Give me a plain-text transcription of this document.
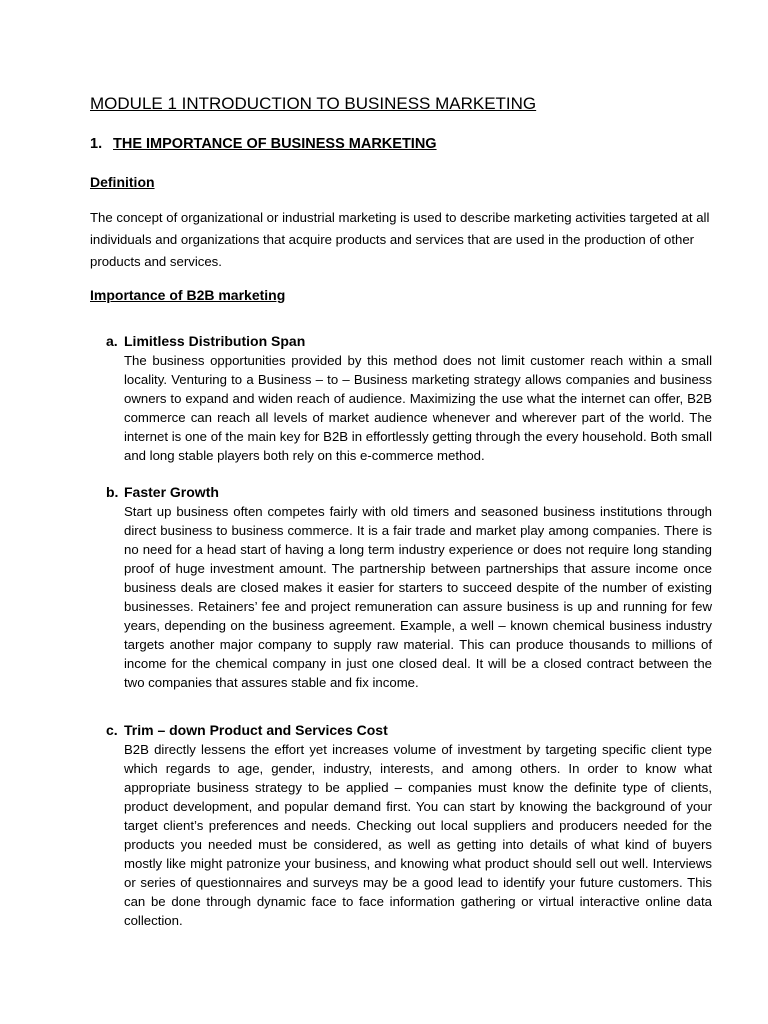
MODULE 1 INTRODUCTION TO BUSINESS MARKETING
1. THE IMPORTANCE OF BUSINESS MARKETING
Definition

The concept of organizational or industrial marketing is used to describe marketing activities targeted at all individuals and organizations that acquire products and services that are used in the production of other products and services.

Importance of B2B marketing
a. Limitless Distribution Span
The business opportunities provided by this method does not limit customer reach within a small locality. Venturing to a Business – to – Business marketing strategy allows companies and business owners to expand and widen reach of audience. Maximizing the use what the internet can offer, B2B commerce can reach all levels of market audience whenever and wherever part of the world. The internet is one of the main key for B2B in effortlessly getting through the every household. Both small and long stable players both rely on this e-commerce method.
b. Faster Growth
Start up business often competes fairly with old timers and seasoned business institutions through direct business to business commerce. It is a fair trade and market play among companies. There is no need for a head start of having a long term industry experience or does not require long standing proof of huge investment amount. The partnership between partnerships that assure income once business deals are closed makes it easier for starters to succeed despite of the number of existing businesses. Retainers’ fee and project remuneration can assure business is up and running for few years, depending on the business agreement. Example, a well – known chemical business industry targets another major company to supply raw material. This can produce thousands to millions of income for the chemical company in just one closed deal. It will be a closed contract between the two companies that assures stable and fix income.
c. Trim – down Product and Services Cost
B2B directly lessens the effort yet increases volume of investment by targeting specific client type which regards to age, gender, industry, interests, and among others. In order to know what appropriate business strategy to be applied – companies must know the definite type of clients, product development, and popular demand first. You can start by knowing the background of your target client’s preferences and needs. Checking out local suppliers and producers needed for the products you needed must be considered, as well as getting into details of what kind of buyers mostly like might patronize your business, and knowing what product should sell out well. Interviews or series of questionnaires and surveys may be a good lead to identify your future customers. This can be done through dynamic face to face information gathering or virtual interactive online data collection.
